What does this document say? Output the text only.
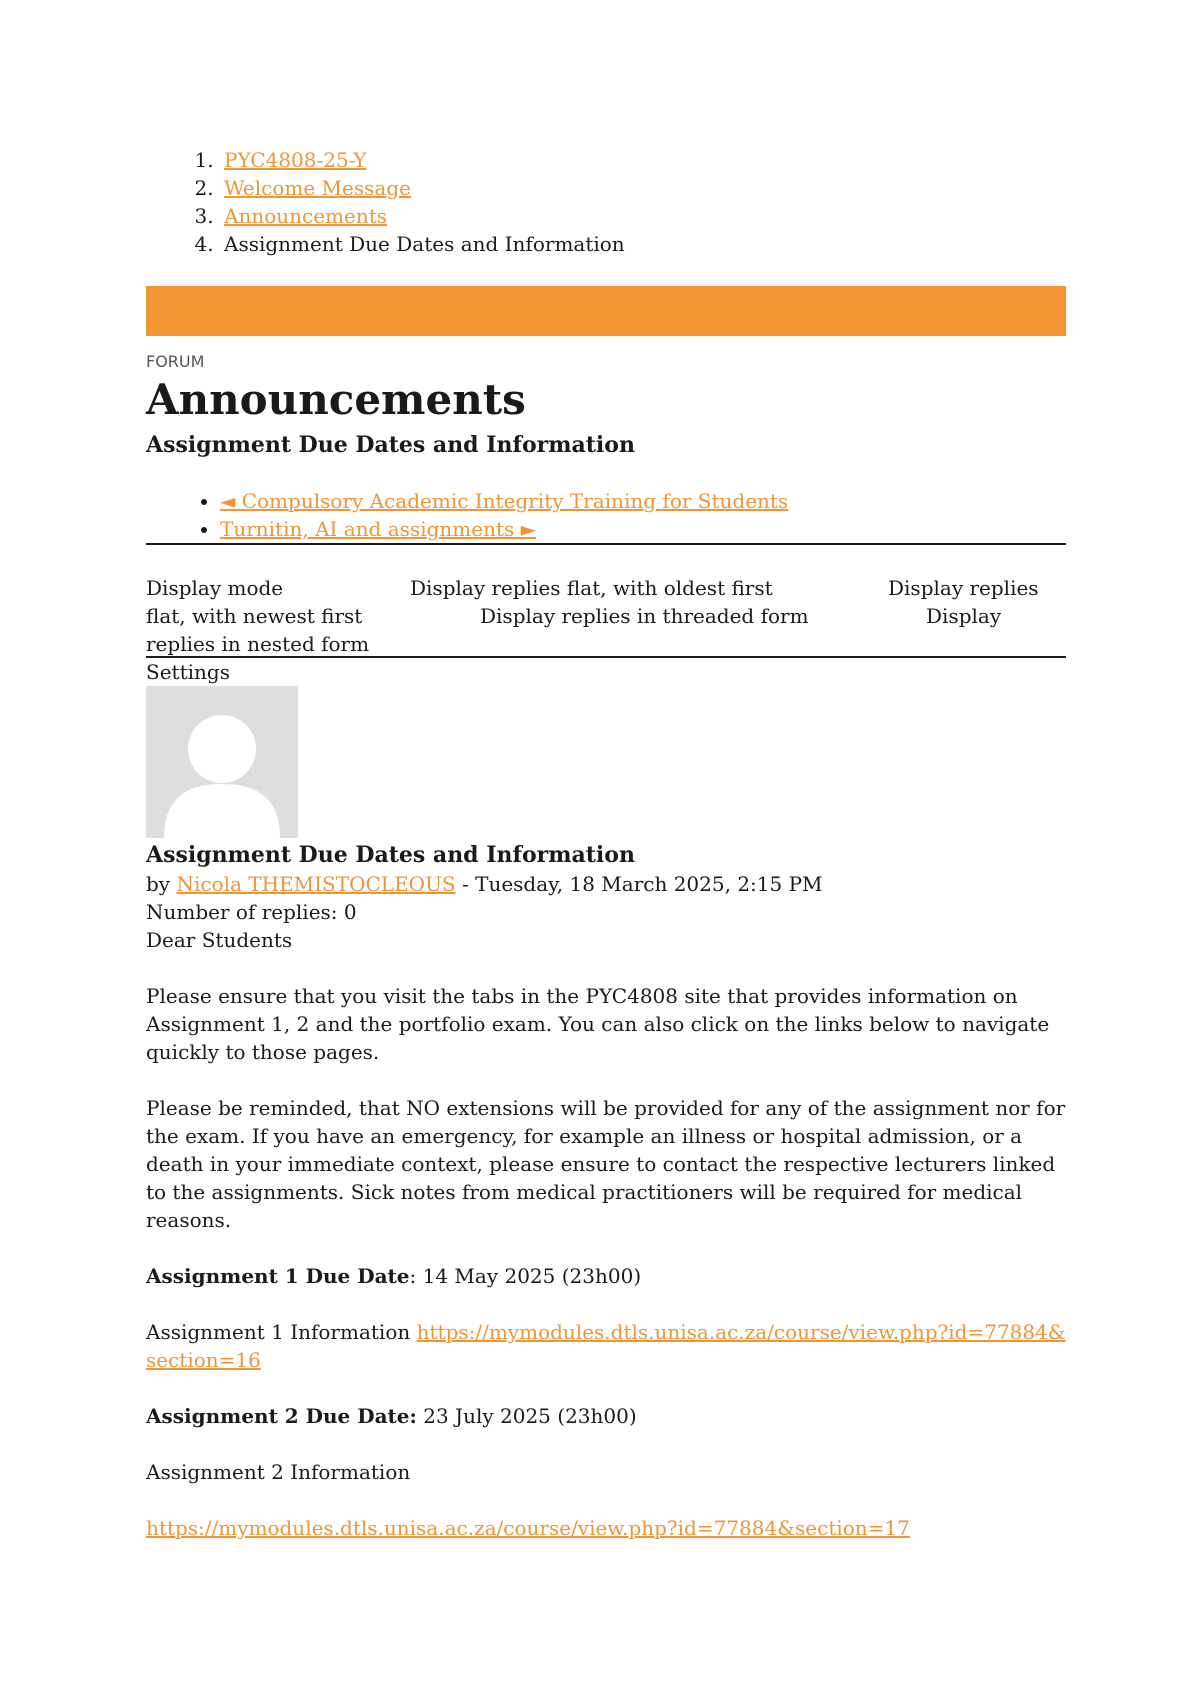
1. PYC4808-25-Y
2. Welcome Message
3. Announcements
4. Assignment Due Dates and Information
FORUM
Announcements
Assignment Due Dates and Information
• ◄ Compulsory Academic Integrity Training for Students
• Turnitin, AI and assignments ►
Display mode	Display replies flat, with oldest first	Display replies
flat, with newest first	Display replies in threaded form	Display
replies in nested form
Settings
Assignment Due Dates and Information

by Nicola THEMISTOCLEOUS - Tuesday, 18 March 2025, 2:15 PM

Number of replies: 0

Dear Students

Please ensure that you visit the tabs in the PYC4808 site that provides information on Assignment 1, 2 and the portfolio exam. You can also click on the links below to navigate quickly to those pages.

Please be reminded, that NO extensions will be provided for any of the assignment nor for the exam. If you have an emergency, for example an illness or hospital admission, or a death in your immediate context, please ensure to contact the respective lecturers linked to the assignments. Sick notes from medical practitioners will be required for medical reasons.

Assignment 1 Due Date: 14 May 2025 (23h00)

Assignment 1 Information https://mymodules.dtls.unisa.ac.za/course/view.php?id=77884&section=16

Assignment 2 Due Date: 23 July 2025 (23h00)

Assignment 2 Information

https://mymodules.dtls.unisa.ac.za/course/view.php?id=77884&section=17
